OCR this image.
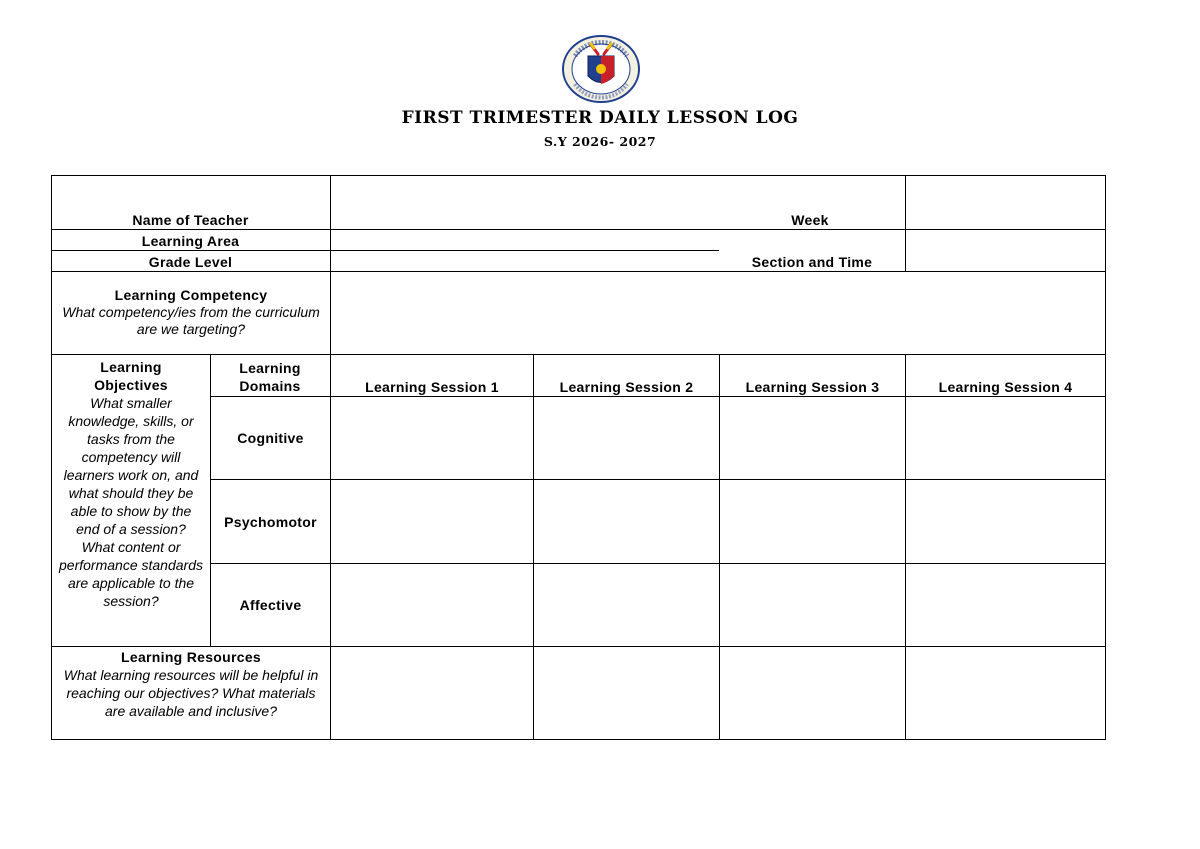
FIRST TRIMESTER DAILY LESSON LOG
S.Y 2026- 2027
Name of Teacher	Week
Learning Area
Grade Level	Section and Time
Learning Competency
What competency/ies from the curriculum are we targeting?
Learning Objectives
What smaller knowledge, skills, or tasks from the competency will learners work on, and what should they be able to show by the end of a session? What content or performance standards are applicable to the session?
Learning Domains	Learning Session 1	Learning Session 2	Learning Session 3	Learning Session 4
Cognitive
Psychomotor
Affective
Learning Resources
What learning resources will be helpful in reaching our objectives? What materials are available and inclusive?
